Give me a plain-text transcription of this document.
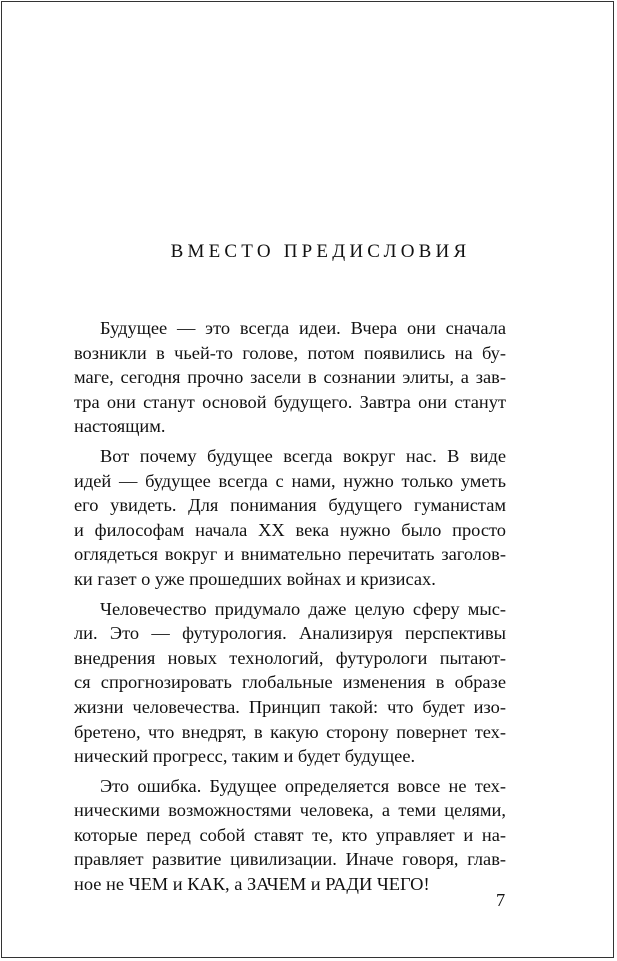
ВМЕСТО ПРЕДИСЛОВИЯ
Будущее — это всегда идеи. Вчера они сначала
возникли в чьей-то голове, потом появились на бу-
маге, сегодня прочно засели в сознании элиты, а зав-
тра они станут основой будущего. Завтра они станут
настоящим.
Вот почему будущее всегда вокруг нас. В виде
идей — будущее всегда с нами, нужно только уметь
его увидеть. Для понимания будущего гуманистам
и философам начала XX века нужно было просто
оглядеться вокруг и внимательно перечитать заголов-
ки газет о уже прошедших войнах и кризисах.
Человечество придумало даже целую сферу мыс-
ли. Это — футурология. Анализируя перспективы
внедрения новых технологий, футурологи пытают-
ся спрогнозировать глобальные изменения в образе
жизни человечества. Принцип такой: что будет изо-
бретено, что внедрят, в какую сторону повернет тех-
нический прогресс, таким и будет будущее.
Это ошибка. Будущее определяется вовсе не тех-
ническими возможностями человека, а теми целями,
которые перед собой ставят те, кто управляет и на-
правляет развитие цивилизации. Иначе говоря, глав-
ное не ЧЕМ и КАК, а ЗАЧЕМ и РАДИ ЧЕГО!
7
